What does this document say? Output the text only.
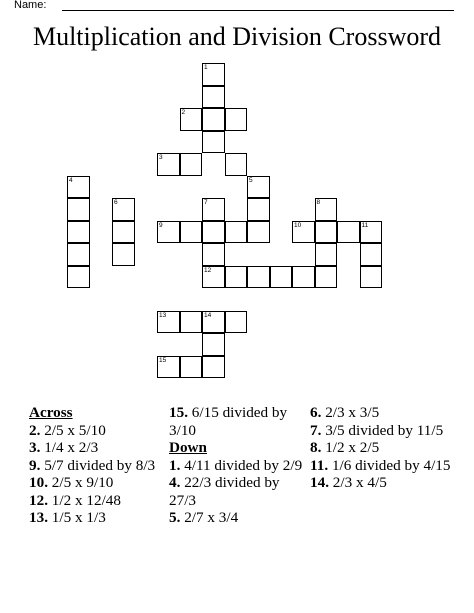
Name:
Multiplication and Division Crossword
1
2
3
5
4
6	7	8
9	10	11
13	14
15
12
Across
2. 2/5 x 5/10
3. 1/4 x 2/3
9. 5/7 divided by 8/3
10. 2/5 x 9/10
12. 1/2 x 12/48
13. 1/5 x 1/3
15. 6/15 divided by 3/10
Down
1. 4/11 divided by 2/9
4. 22/3 divided by 27/3
5. 2/7 x 3/4
6. 2/3 x 3/5
7. 3/5 divided by 11/5
8. 1/2 x 2/5
11. 1/6 divided by 4/15
14. 2/3 x 4/5
